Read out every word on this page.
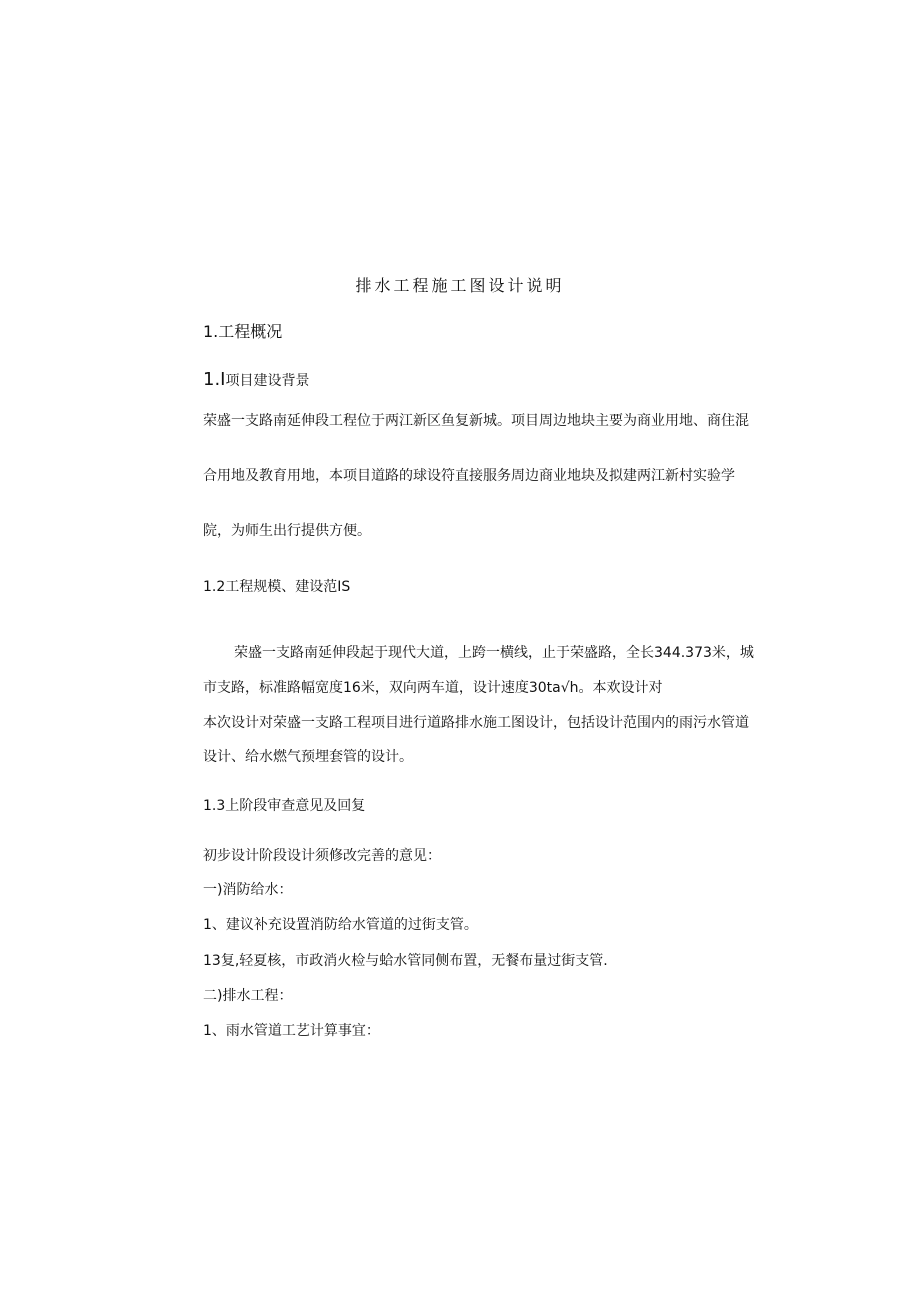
排水工程施工图设计说明
1.工程概况
1.I项目建设背景
荣盛一支路南延伸段工程位于两江新区鱼复新城。项目周边地块主要为商业用地、商住混
合用地及教育用地，本项目道路的球设符直接服务周边商业地块及拟建两江新村实验学
院，为师生出行提供方便。
1.2工程规模、建设范IS
荣盛一支路南延伸段起于现代大道，上跨一横线，止于荣盛路，全长344.373米，城
市支路，标准路幅宽度16米，双向两车道，设计速度30ta√h。本欢设计对
本次设计对荣盛一支路工程项目进行道路排水施工图设计，包括设计范围内的雨污水管道
设计、给水燃气预埋套管的设计。
1.3上阶段审查意见及回复
初步设计阶段设计须修改完善的意见：
一)消防给水：
1、建议补充设置消防给水管道的过街支管。
13复,轻夏核，市政消火检与蛤水管同侧布置，无餐布量过街支管.
二)排水工程：
1、雨水管道工艺计算事宜：
